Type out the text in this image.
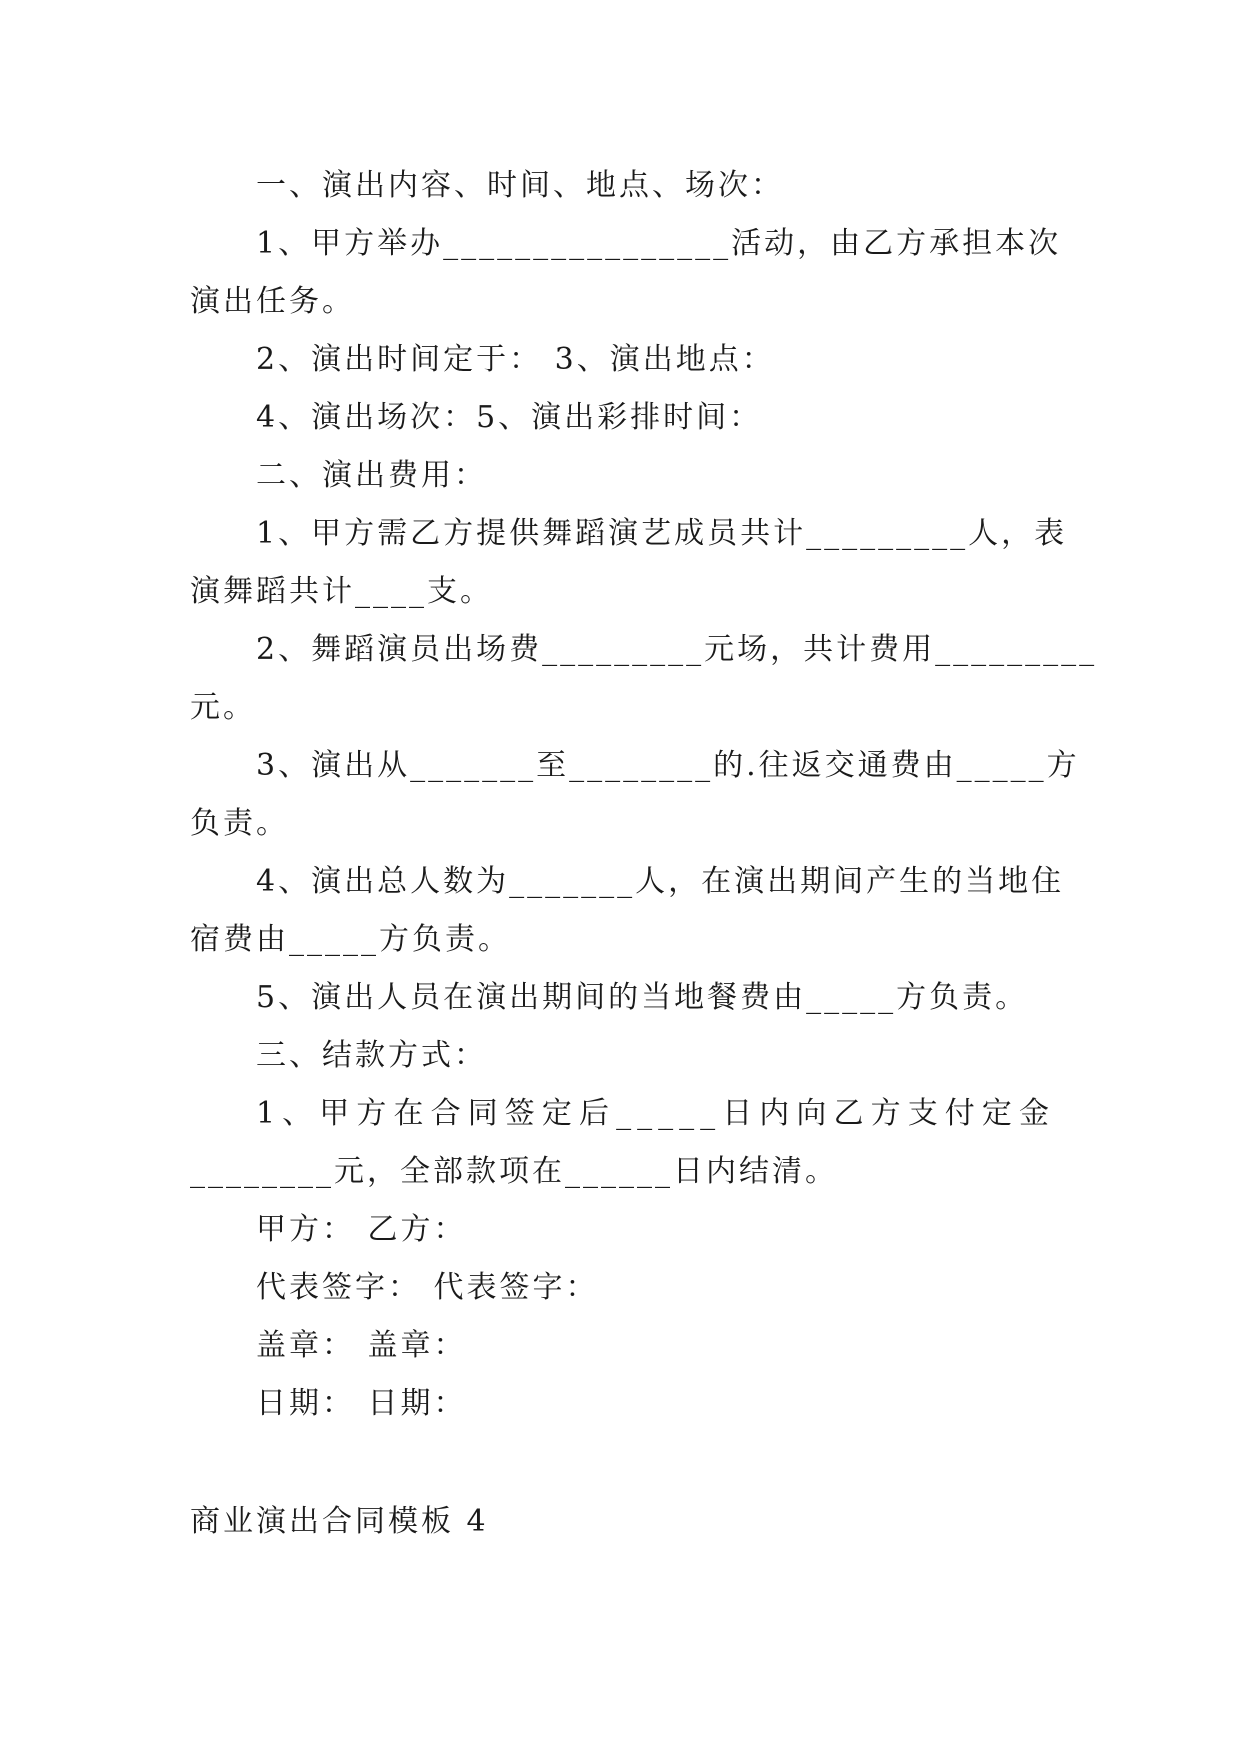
一、演出内容、时间、地点、场次：
1、甲方举办________________活动，由乙方承担本次
演出任务。
2、演出时间定于： 3、演出地点：
4、演出场次：5、演出彩排时间：
二、演出费用：
1、甲方需乙方提供舞蹈演艺成员共计_________人，表
演舞蹈共计____支。
2、舞蹈演员出场费_________元场，共计费用_________
元。
3、演出从_______至________的.往返交通费由_____方
负责。
4、演出总人数为_______人，在演出期间产生的当地住
宿费由_____方负责。
5、演出人员在演出期间的当地餐费由_____方负责。
三、结款方式：
1、甲方在合同签定后_____日内向乙方支付定金
________元，全部款项在______日内结清。
甲方： 乙方：
代表签字： 代表签字：
盖章： 盖章：
日期： 日期：
商业演出合同模板 4
